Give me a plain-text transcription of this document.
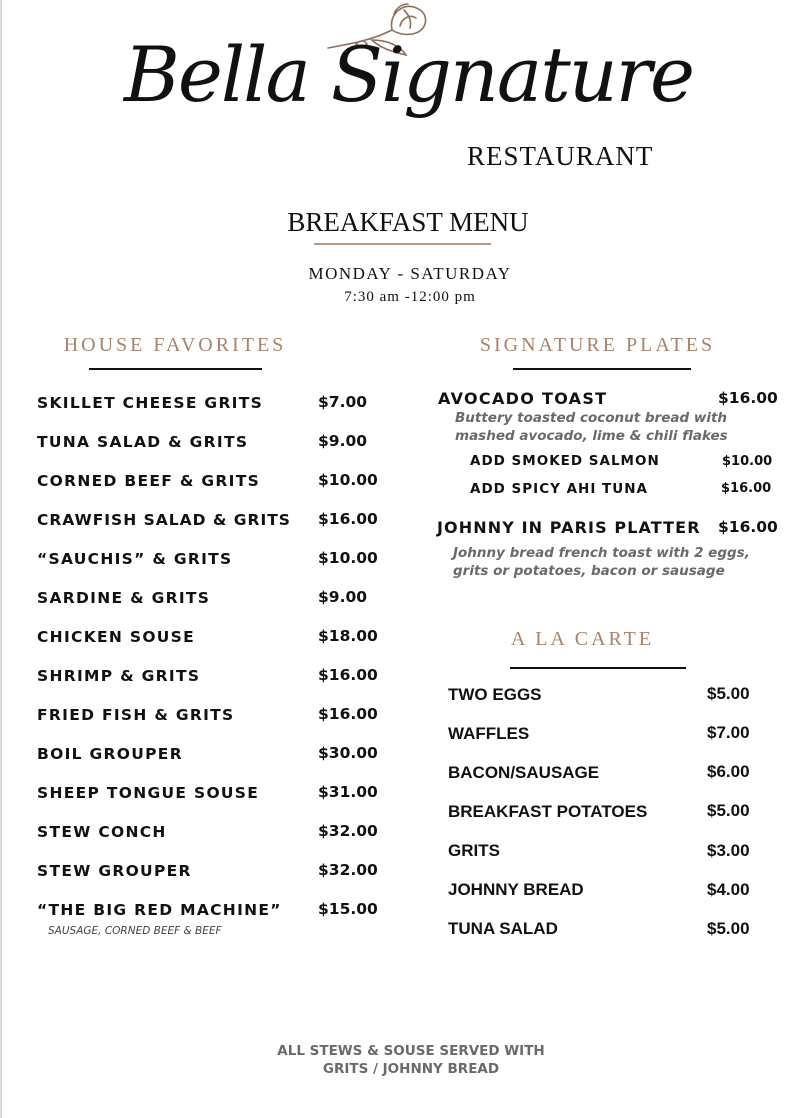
Bella Signature
RESTAURANT
BREAKFAST MENU
MONDAY - SATURDAY
7:30 am -12:00 pm
HOUSE FAVORITES
SKILLET CHEESE GRITS	$7.00
TUNA SALAD & GRITS	$9.00
CORNED BEEF & GRITS	$10.00
CRAWFISH SALAD & GRITS $16.00
“SAUCHIS” & GRITS	$10.00
SARDINE & GRITS	$9.00
CHICKEN SOUSE	$18.00
SHRIMP & GRITS	$16.00
FRIED FISH & GRITS	$16.00
BOIL GROUPER	$30.00
SHEEP TONGUE SOUSE	$31.00
STEW CONCH	$32.00
STEW GROUPER	$32.00
“THE BIG RED MACHINE” $15.00
SAUSAGE, CORNED BEEF & BEEF
SIGNATURE PLATES
AVOCADO TOAST	$16.00
Buttery toasted coconut bread with
mashed avocado, lime & chili flakes
ADD SMOKED SALMON	$10.00
ADD SPICY AHI TUNA	$16.00
JOHNNY IN PARIS PLATTER $16.00
Johnny bread french toast with 2 eggs,
grits or potatoes, bacon or sausage
A LA CARTE
TWO EGGS	$5.00
WAFFLES	$7.00
BACON/SAUSAGE	$6.00
BREAKFAST POTATOES	$5.00
GRITS	$3.00
JOHNNY BREAD	$4.00
TUNA SALAD	$5.00
ALL STEWS & SOUSE SERVED WITH
GRITS / JOHNNY BREAD
